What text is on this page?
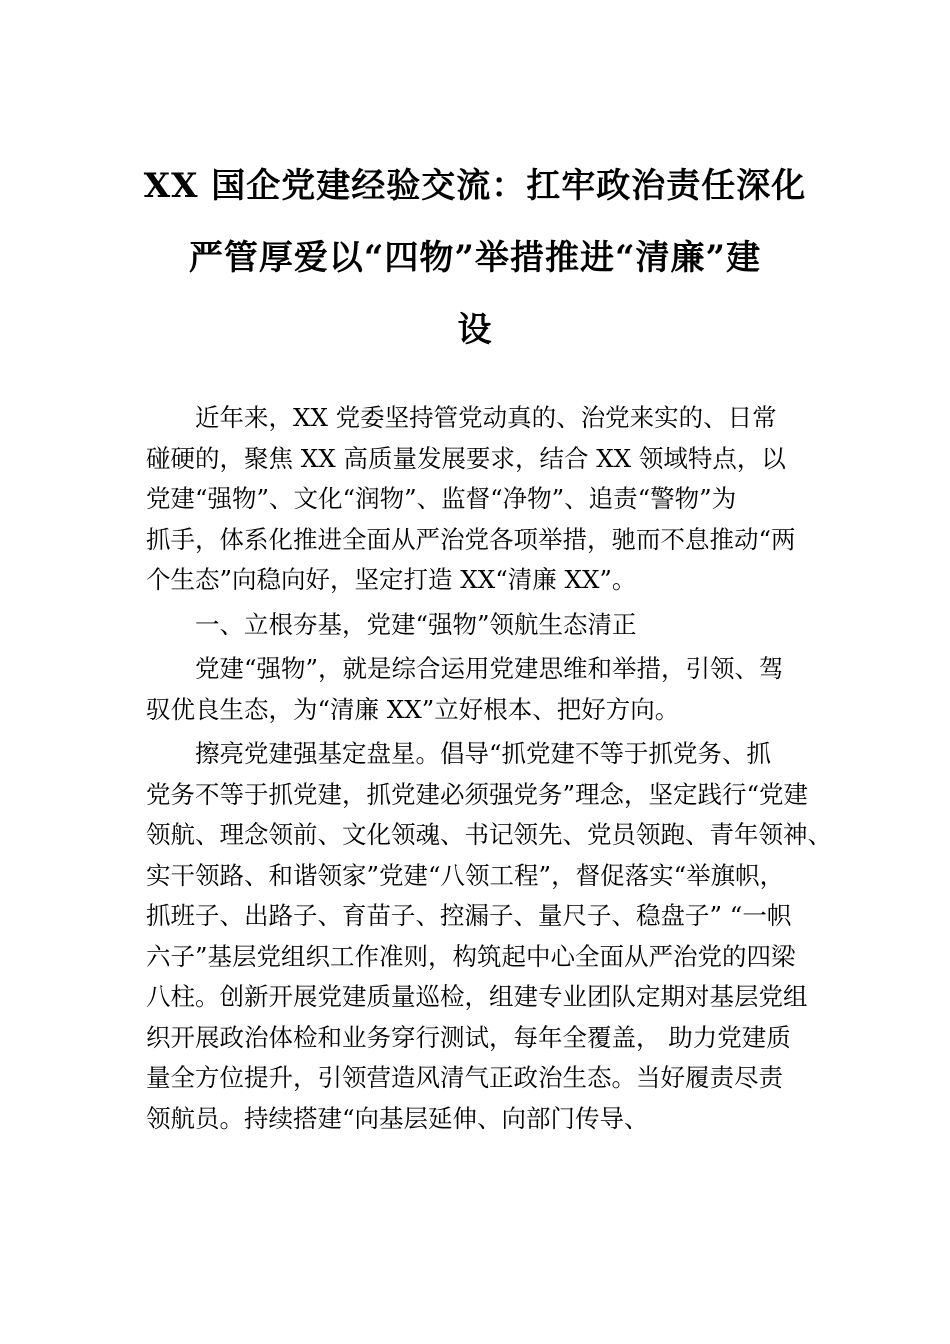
XX 国企党建经验交流：扛牢政治责任深化
严管厚爱以“四物”举措推进“清廉”建
设

近年来，XX 党委坚持管党动真的、治党来实的、日常
碰硬的，聚焦 XX 高质量发展要求，结合 XX 领域特点，以
党建“强物”、文化“润物”、监督“净物”、追责“警物”为
抓手，体系化推进全面从严治党各项举措，驰而不息推动“两
个生态”向稳向好，坚定打造 XX“清廉 XX”。

一、立根夯基，党建“强物”领航生态清正

党建“强物”，就是综合运用党建思维和举措，引领、驾
驭优良生态，为“清廉 XX”立好根本、把好方向。

擦亮党建强基定盘星。倡导“抓党建不等于抓党务、抓
党务不等于抓党建，抓党建必须强党务”理念，坚定践行“党建
领航、理念领前、文化领魂、书记领先、党员领跑、青年领神、
实干领路、和谐领家”党建“八领工程”，督促落实“举旗帜，
抓班子、出路子、育苗子、控漏子、量尺子、稳盘子” “一帜
六子”基层党组织工作准则，构筑起中心全面从严治党的四梁
八柱。创新开展党建质量巡检，组建专业团队定期对基层党组
织开展政治体检和业务穿行测试，每年全覆盖， 助力党建质
量全方位提升，引领营造风清气正政治生态。当好履责尽责
领航员。持续搭建“向基层延伸、向部门传导、
